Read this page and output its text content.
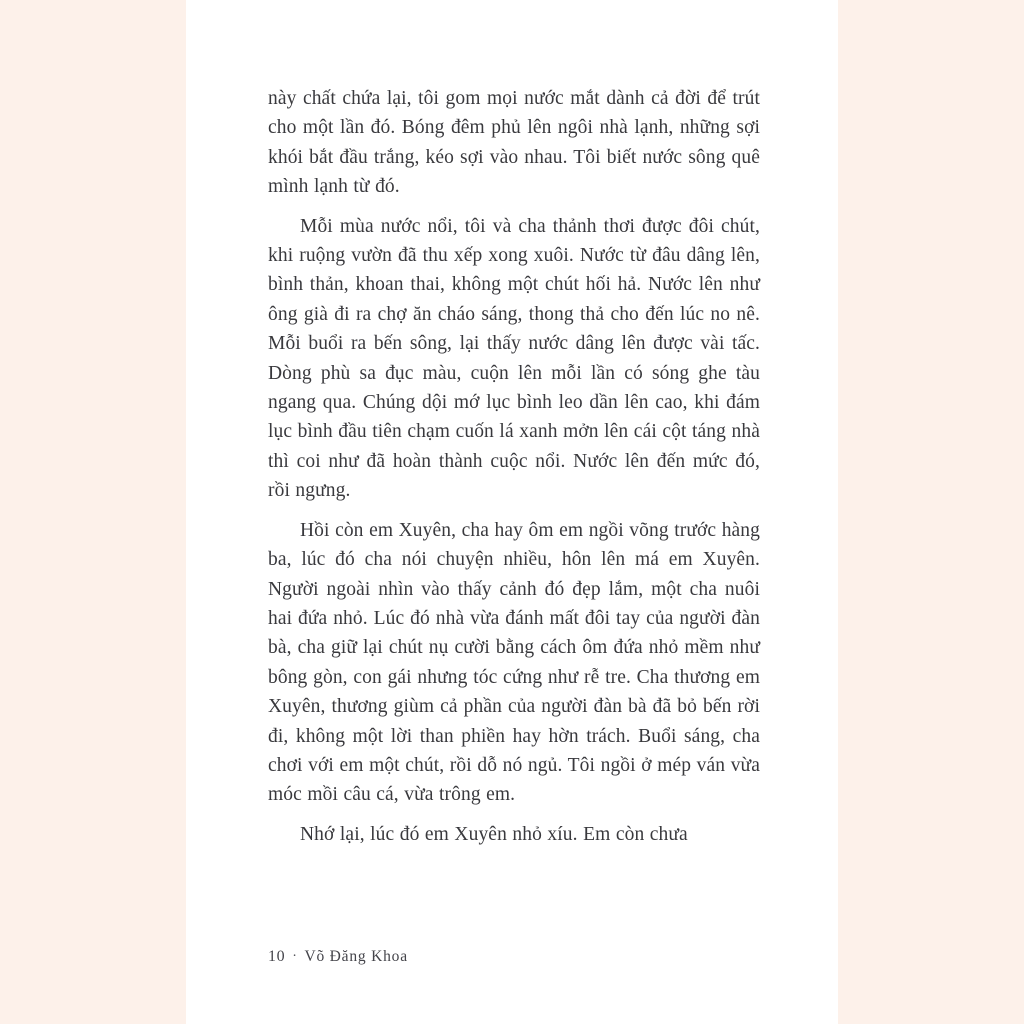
này chất chứa lại, tôi gom mọi nước mắt dành cả đời để trút cho một lần đó. Bóng đêm phủ lên ngôi nhà lạnh, những sợi khói bắt đầu trắng, kéo sợi vào nhau. Tôi biết nước sông quê mình lạnh từ đó.

Mỗi mùa nước nổi, tôi và cha thảnh thơi được đôi chút, khi ruộng vườn đã thu xếp xong xuôi. Nước từ đâu dâng lên, bình thản, khoan thai, không một chút hối hả. Nước lên như ông già đi ra chợ ăn cháo sáng, thong thả cho đến lúc no nê. Mỗi buổi ra bến sông, lại thấy nước dâng lên được vài tấc. Dòng phù sa đục màu, cuộn lên mỗi lần có sóng ghe tàu ngang qua. Chúng dội mớ lục bình leo dần lên cao, khi đám lục bình đầu tiên chạm cuốn lá xanh mởn lên cái cột táng nhà thì coi như đã hoàn thành cuộc nổi. Nước lên đến mức đó, rồi ngưng.

Hồi còn em Xuyên, cha hay ôm em ngồi võng trước hàng ba, lúc đó cha nói chuyện nhiều, hôn lên má em Xuyên. Người ngoài nhìn vào thấy cảnh đó đẹp lắm, một cha nuôi hai đứa nhỏ. Lúc đó nhà vừa đánh mất đôi tay của người đàn bà, cha giữ lại chút nụ cười bằng cách ôm đứa nhỏ mềm như bông gòn, con gái nhưng tóc cứng như rễ tre. Cha thương em Xuyên, thương giùm cả phần của người đàn bà đã bỏ bến rời đi, không một lời than phiền hay hờn trách. Buổi sáng, cha chơi với em một chút, rồi dỗ nó ngủ. Tôi ngồi ở mép ván vừa móc mồi câu cá, vừa trông em.

Nhớ lại, lúc đó em Xuyên nhỏ xíu. Em còn chưa

10 · Võ Đăng Khoa
